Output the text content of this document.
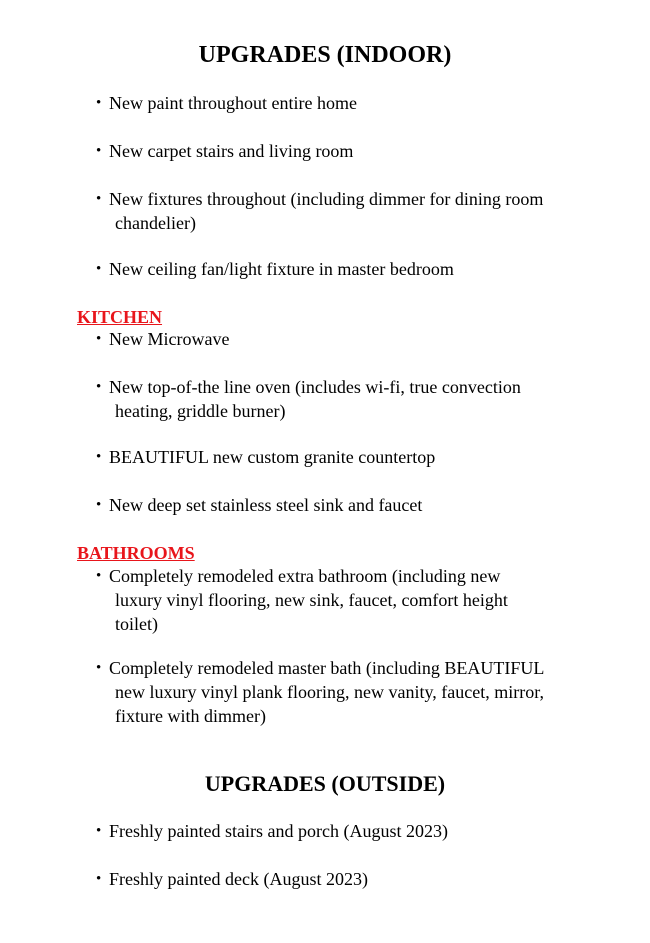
UPGRADES (INDOOR)

• New paint throughout entire home

• New carpet stairs and living room

• New fixtures throughout (including dimmer for dining room
chandelier)

• New ceiling fan/light fixture in master bedroom

KITCHEN

• New Microwave

• New top-of-the line oven (includes wi-fi, true convection
heating, griddle burner)

• BEAUTIFUL new custom granite countertop

• New deep set stainless steel sink and faucet

BATHROOMS

• Completely remodeled extra bathroom (including new
luxury vinyl flooring, new sink, faucet, comfort height
toilet)

• Completely remodeled master bath (including BEAUTIFUL
new luxury vinyl plank flooring, new vanity, faucet, mirror,
fixture with dimmer)

UPGRADES (OUTSIDE)

• Freshly painted stairs and porch (August 2023)

• Freshly painted deck (August 2023)
